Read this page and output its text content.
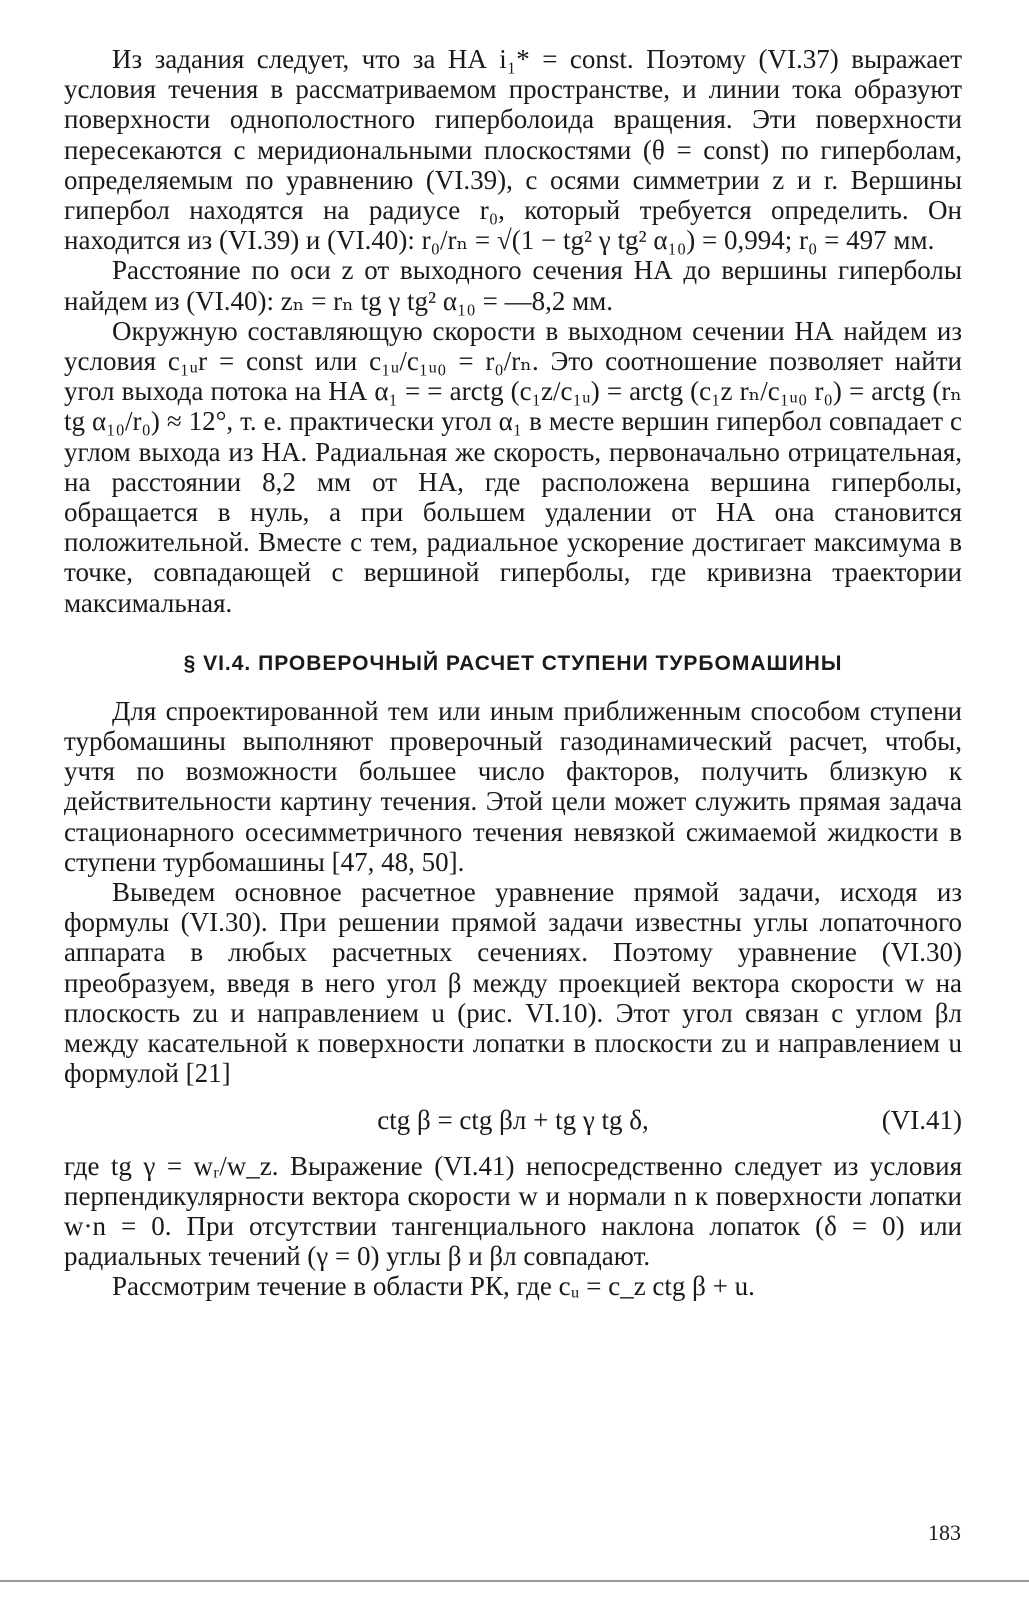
Из задания следует, что за НА i₁* = const. Поэтому (VI.37) выражает условия течения в рассматриваемом пространстве, и линии тока образуют поверхности однополостного гиперболоида вращения. Эти поверхности пересекаются с меридиональными плоскостями (θ = const) по гиперболам, определяемым по уравнению (VI.39), с осями симметрии z и r. Вершины гипербол находятся на радиусе r₀, который требуется определить. Он находится из (VI.39) и (VI.40): r₀/rₙ = √(1 − tg² γ tg² α₁₀) = 0,994; r₀ = 497 мм.

Расстояние по оси z от выходного сечения НА до вершины гиперболы найдем из (VI.40): zₙ = rₙ tg γ tg² α₁₀ = —8,2 мм.

Окружную составляющую скорости в выходном сечении НА найдем из условия c₁ᵤr = const или c₁ᵤ/c₁ᵤ₀ = r₀/rₙ. Это соотношение позволяет найти угол выхода потока на НА α₁ = = arctg (c₁z/c₁ᵤ) = arctg (c₁z rₙ/c₁ᵤ₀ r₀) = arctg (rₙ tg α₁₀/r₀) ≈ 12°, т. е. практически угол α₁ в месте вершин гипербол совпадает с углом выхода из НА. Радиальная же скорость, первоначально отрицательная, на расстоянии 8,2 мм от НА, где расположена вершина гиперболы, обращается в нуль, а при большем удалении от НА она становится положительной. Вместе с тем, радиальное ускорение достигает максимума в точке, совпадающей с вершиной гиперболы, где кривизна траектории максимальная.

§ VI.4. ПРОВЕРОЧНЫЙ РАСЧЕТ СТУПЕНИ ТУРБОМАШИНЫ

Для спроектированной тем или иным приближенным способом ступени турбомашины выполняют проверочный газодинамический расчет, чтобы, учтя по возможности большее число факторов, получить близкую к действительности картину течения. Этой цели может служить прямая задача стационарного осесимметричного течения невязкой сжимаемой жидкости в ступени турбомашины [47, 48, 50].

Выведем основное расчетное уравнение прямой задачи, исходя из формулы (VI.30). При решении прямой задачи известны углы лопаточного аппарата в любых расчетных сечениях. Поэтому уравнение (VI.30) преобразуем, введя в него угол β между проекцией вектора скорости w на плоскость zu и направлением u (рис. VI.10). Этот угол связан с углом βл между касательной к поверхности лопатки в плоскости zu и направлением u формулой [21]

ctg β = ctg βл + tg γ tg δ,	(VI.41)

где tg γ = wᵣ/w_z. Выражение (VI.41) непосредственно следует из условия перпендикулярности вектора скорости w и нормали n к поверхности лопатки w·n = 0. При отсутствии тангенциального наклона лопаток (δ = 0) или радиальных течений (γ = 0) углы β и βл совпадают.

Рассмотрим течение в области РК, где cᵤ = c_z ctg β + u.

183
